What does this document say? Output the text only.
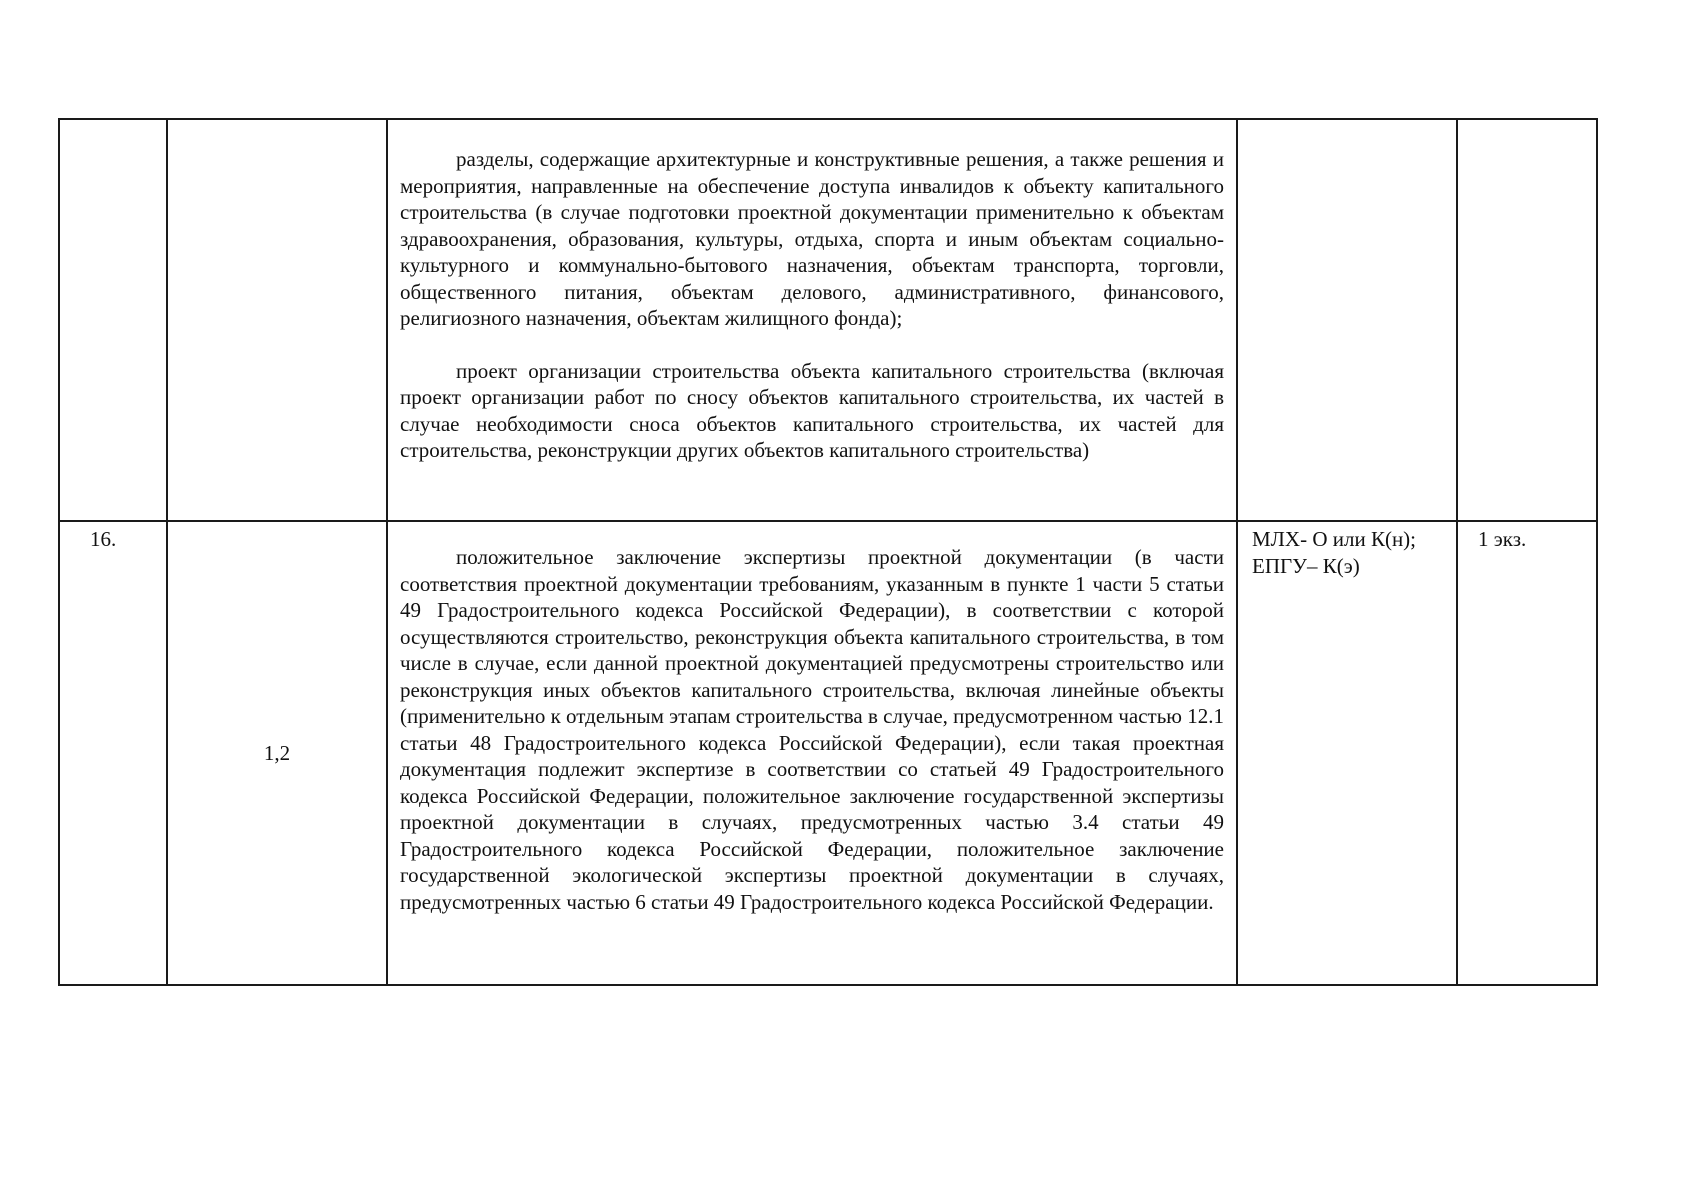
разделы, содержащие архитектурные и конструктивные решения, а также решения и мероприятия, направленные на обеспечение доступа инвалидов к объекту капитального строительства (в случае подготовки проектной документации применительно к объектам здравоохранения, образования, культуры, отдыха, спорта и иным объектам социально-культурного и коммунально-бытового назначения, объектам транспорта, торговли, общественного питания, объектам делового, административного, финансового, религиозного назначения, объектам жилищного фонда);

проект организации строительства объекта капитального строительства (включая проект организации работ по сносу объектов капитального строительства, их частей в случае необходимости сноса объектов капитального строительства, их частей для строительства, реконструкции других объектов капитального строительства)

16.
1,2

положительное заключение экспертизы проектной документации (в части соответствия проектной документации требованиям, указанным в пункте 1 части 5 статьи 49 Градостроительного кодекса Российской Федерации), в соответствии с которой осуществляются строительство, реконструкция объекта капитального строительства, в том числе в случае, если данной проектной документацией предусмотрены строительство или реконструкция иных объектов капитального строительства, включая линейные объекты (применительно к отдельным этапам строительства в случае, предусмотренном частью 12.1 статьи 48 Градостроительного кодекса Российской Федерации), если такая проектная документация подлежит экспертизе в соответствии со статьей 49 Градостроительного кодекса Российской Федерации, положительное заключение государственной экспертизы проектной документации в случаях, предусмотренных частью 3.4 статьи 49 Градостроительного кодекса Российской Федерации, положительное заключение государственной экологической экспертизы проектной документации в случаях, предусмотренных частью 6 статьи 49 Градостроительного кодекса Российской Федерации.

МЛХ- О или К(н);
ЕПГУ– К(э)
1 экз.
